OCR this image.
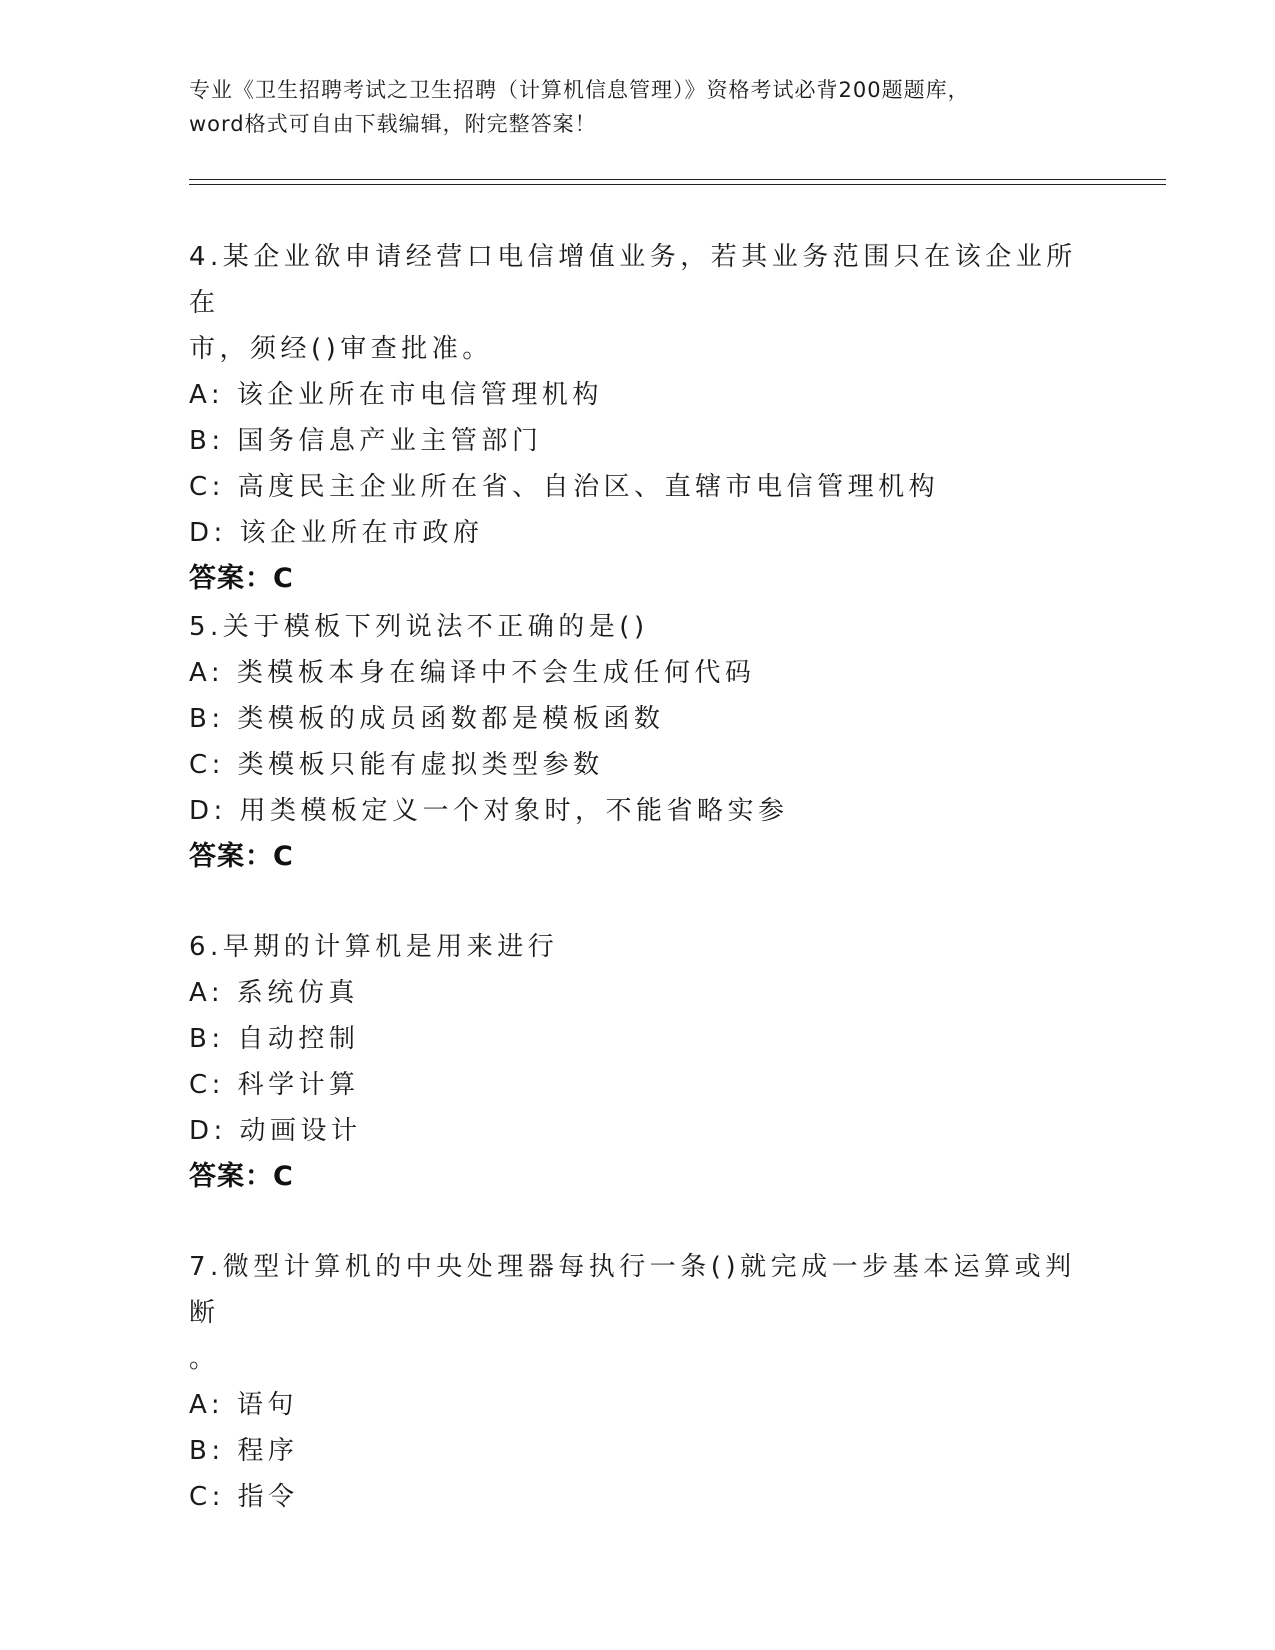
专业《卫生招聘考试之卫生招聘（计算机信息管理）》资格考试必背200题题库，
word格式可自由下载编辑，附完整答案！

4.某企业欲申请经营口电信增值业务，若其业务范围只在该企业所在
市，须经()审查批准。

A: 该企业所在市电信管理机构
B: 国务信息产业主管部门
C: 高度民主企业所在省、自治区、直辖市电信管理机构
D: 该企业所在市政府
答案：C

5.关于模板下列说法不正确的是()

A: 类模板本身在编译中不会生成任何代码
B: 类模板的成员函数都是模板函数
C: 类模板只能有虚拟类型参数
D: 用类模板定义一个对象时，不能省略实参
答案：C

6.早期的计算机是用来进行

A: 系统仿真
B: 自动控制
C: 科学计算
D: 动画设计
答案：C

7.微型计算机的中央处理器每执行一条()就完成一步基本运算或判断
。

A: 语句
B: 程序
C: 指令
